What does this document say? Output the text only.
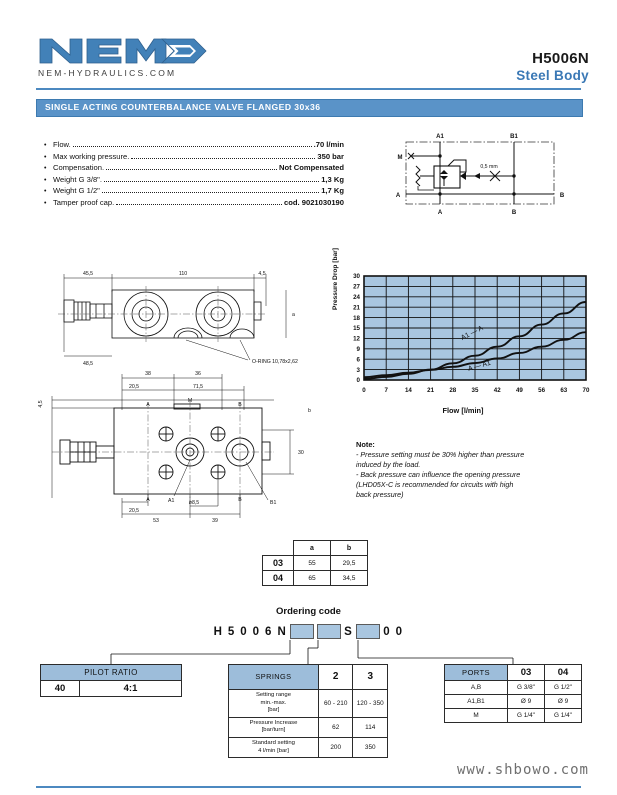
NEM-HYDRAULICS.COM
H5006N
Steel Body
SINGLE ACTING COUNTERBALANCE VALVE FLANGED 30x36
• Flow.	.70 l/min
• Max working pressure.	350 bar
• Compensation.	Not Compensated
• Weight G 3/8".	1,3 Kg
• Weight G 1/2"	1,7 Kg
• Tamper proof cap.	cod. 9021030190
A1	B1
M
A	B
A	B
0,5 mm
45,5	110	4,5
48,5
a
O-RING 10,78x2,62
38	36
20,5	71,5
4,5
30
20,5
53	39
ø8,5
A
M
B
A	B
A1	B1
b
Pressure Drop [bar]
0	7	14 21 28 35 42 49 56 63 70
0
3
6
9
12
15
18
21
24
27
30
A1 — A
A — A1
Flow [l/min]
Note:
- Pressure setting must be 30% higher than pressure
induced by the load.
- Back pressure can influence the opening pressure
(LHD05X-C is recommended for circuits with high
back pressure)
	a	b
03	55	29,5
04	65	34,5
Ordering code
H 5 0 0 6 N	S	0 0
PILOT RATIO
40	4:1
SPRINGS	2	3

Setting range
min.-max.
[bar]	60 - 210	120 - 350

Pressure Increase
[bar/turn]	62	114

Standard setting
4 l/min [bar]	200	350
PORTS	03	04
A,B	G 3/8"	G 1/2"
A1,B1	Ø 9	Ø 9
M	G 1/4"	G 1/4"
www.shbowo.com
